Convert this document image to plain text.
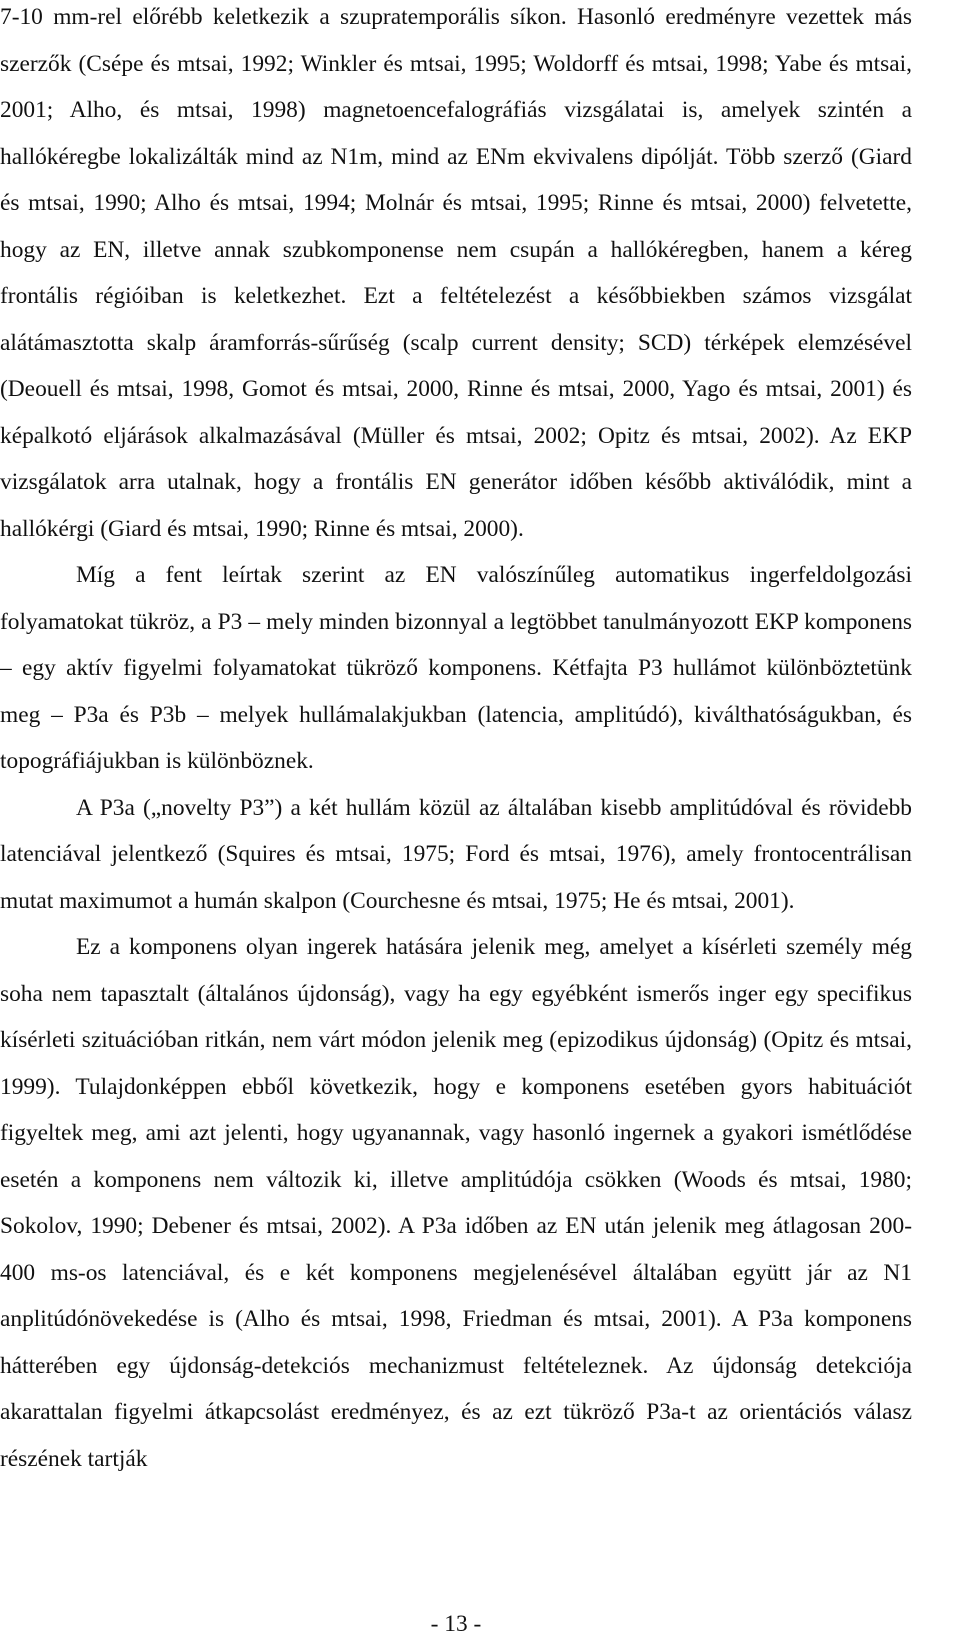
7-10 mm-rel előrébb keletkezik a szupratemporális síkon. Hasonló eredményre vezettek más szerzők (Csépe és mtsai, 1992; Winkler és mtsai, 1995; Woldorff és mtsai, 1998; Yabe és mtsai, 2001; Alho, és mtsai, 1998) magnetoencefalográfiás vizsgálatai is, amelyek szintén a hallókéregbe lokalizálták mind az N1m, mind az ENm ekvivalens dipólját. Több szerző (Giard és mtsai, 1990; Alho és mtsai, 1994; Molnár és mtsai, 1995; Rinne és mtsai, 2000) felvetette, hogy az EN, illetve annak szubkomponense nem csupán a hallókéregben, hanem a kéreg frontális régióiban is keletkezhet. Ezt a feltételezést a későbbiekben számos vizsgálat alátámasztotta skalp áramforrás-sűrűség (scalp current density; SCD) térképek elemzésével (Deouell és mtsai, 1998, Gomot és mtsai, 2000, Rinne és mtsai, 2000, Yago és mtsai, 2001) és képalkotó eljárások alkalmazásával (Müller és mtsai, 2002; Opitz és mtsai, 2002). Az EKP vizsgálatok arra utalnak, hogy a frontális EN generátor időben később aktiválódik, mint a hallókérgi (Giard és mtsai, 1990; Rinne és mtsai, 2000).

Míg a fent leírtak szerint az EN valószínűleg automatikus ingerfeldolgozási folyamatokat tükröz, a P3 – mely minden bizonnyal a legtöbbet tanulmányozott EKP komponens – egy aktív figyelmi folyamatokat tükröző komponens. Kétfajta P3 hullámot különböztetünk meg – P3a és P3b – melyek hullámalakjukban (latencia, amplitúdó), kiválthatóságukban, és topográfiájukban is különböznek.

A P3a („novelty P3”) a két hullám közül az általában kisebb amplitúdóval és rövidebb latenciával jelentkező (Squires és mtsai, 1975; Ford és mtsai, 1976), amely frontocentrálisan mutat maximumot a humán skalpon (Courchesne és mtsai, 1975; He és mtsai, 2001).

Ez a komponens olyan ingerek hatására jelenik meg, amelyet a kísérleti személy még soha nem tapasztalt (általános újdonság), vagy ha egy egyébként ismerős inger egy specifikus kísérleti szituációban ritkán, nem várt módon jelenik meg (epizodikus újdonság) (Opitz és mtsai, 1999). Tulajdonképpen ebből következik, hogy e komponens esetében gyors habituációt figyeltek meg, ami azt jelenti, hogy ugyanannak, vagy hasonló ingernek a gyakori ismétlődése esetén a komponens nem változik ki, illetve amplitúdója csökken (Woods és mtsai, 1980; Sokolov, 1990; Debener és mtsai, 2002). A P3a időben az EN után jelenik meg átlagosan 200-400 ms-os latenciával, és e két komponens megjelenésével általában együtt jár az N1 anplitúdónövekedése is (Alho és mtsai, 1998, Friedman és mtsai, 2001). A P3a komponens hátterében egy újdonság-detekciós mechanizmust feltételeznek. Az újdonság detekciója akarattalan figyelmi átkapcsolást eredményez, és az ezt tükröző P3a-t az orientációs válasz részének tartják

- 13 -
